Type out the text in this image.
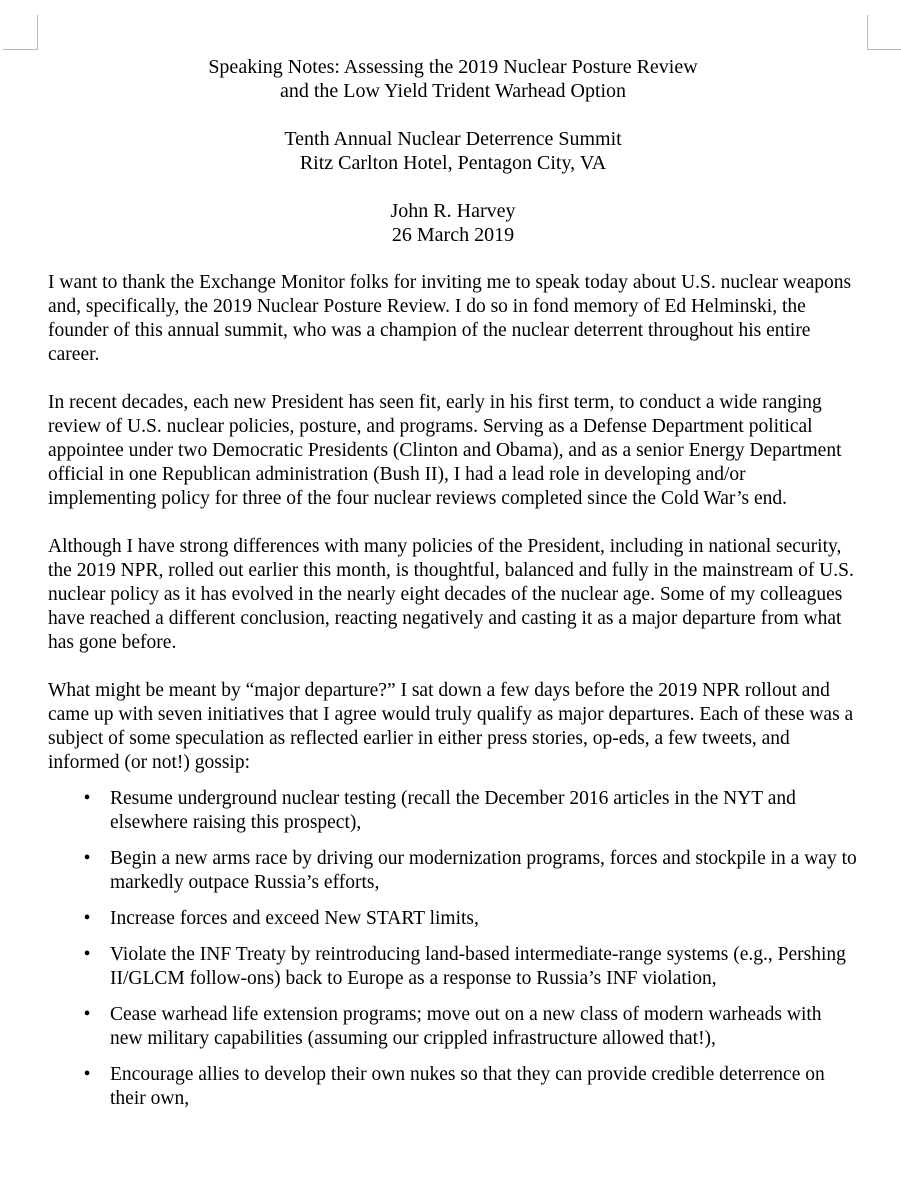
Speaking Notes: Assessing the 2019 Nuclear Posture Review
and the Low Yield Trident Warhead Option
Tenth Annual Nuclear Deterrence Summit
Ritz Carlton Hotel, Pentagon City, VA
John R. Harvey
26 March 2019

I want to thank the Exchange Monitor folks for inviting me to speak today about U.S. nuclear weapons and, specifically, the 2019 Nuclear Posture Review. I do so in fond memory of Ed Helminski, the founder of this annual summit, who was a champion of the nuclear deterrent throughout his entire career.

In recent decades, each new President has seen fit, early in his first term, to conduct a wide ranging review of U.S. nuclear policies, posture, and programs. Serving as a Defense Department political appointee under two Democratic Presidents (Clinton and Obama), and as a senior Energy Department official in one Republican administration (Bush II), I had a lead role in developing and/or implementing policy for three of the four nuclear reviews completed since the Cold War’s end.

Although I have strong differences with many policies of the President, including in national security, the 2019 NPR, rolled out earlier this month, is thoughtful, balanced and fully in the mainstream of U.S. nuclear policy as it has evolved in the nearly eight decades of the nuclear age. Some of my colleagues have reached a different conclusion, reacting negatively and casting it as a major departure from what has gone before.

What might be meant by “major departure?” I sat down a few days before the 2019 NPR rollout and came up with seven initiatives that I agree would truly qualify as major departures. Each of these was a subject of some speculation as reflected earlier in either press stories, op-eds, a few tweets, and informed (or not!) gossip:

•	Resume underground nuclear testing (recall the December 2016 articles in the NYT and elsewhere raising this prospect),
•	Begin a new arms race by driving our modernization programs, forces and stockpile in a way to markedly outpace Russia’s efforts,
•	Increase forces and exceed New START limits,
•	Violate the INF Treaty by reintroducing land-based intermediate-range systems (e.g., Pershing II/GLCM follow-ons) back to Europe as a response to Russia’s INF violation,
•	Cease warhead life extension programs; move out on a new class of modern warheads with new military capabilities (assuming our crippled infrastructure allowed that!),
•	Encourage allies to develop their own nukes so that they can provide credible deterrence on their own,
